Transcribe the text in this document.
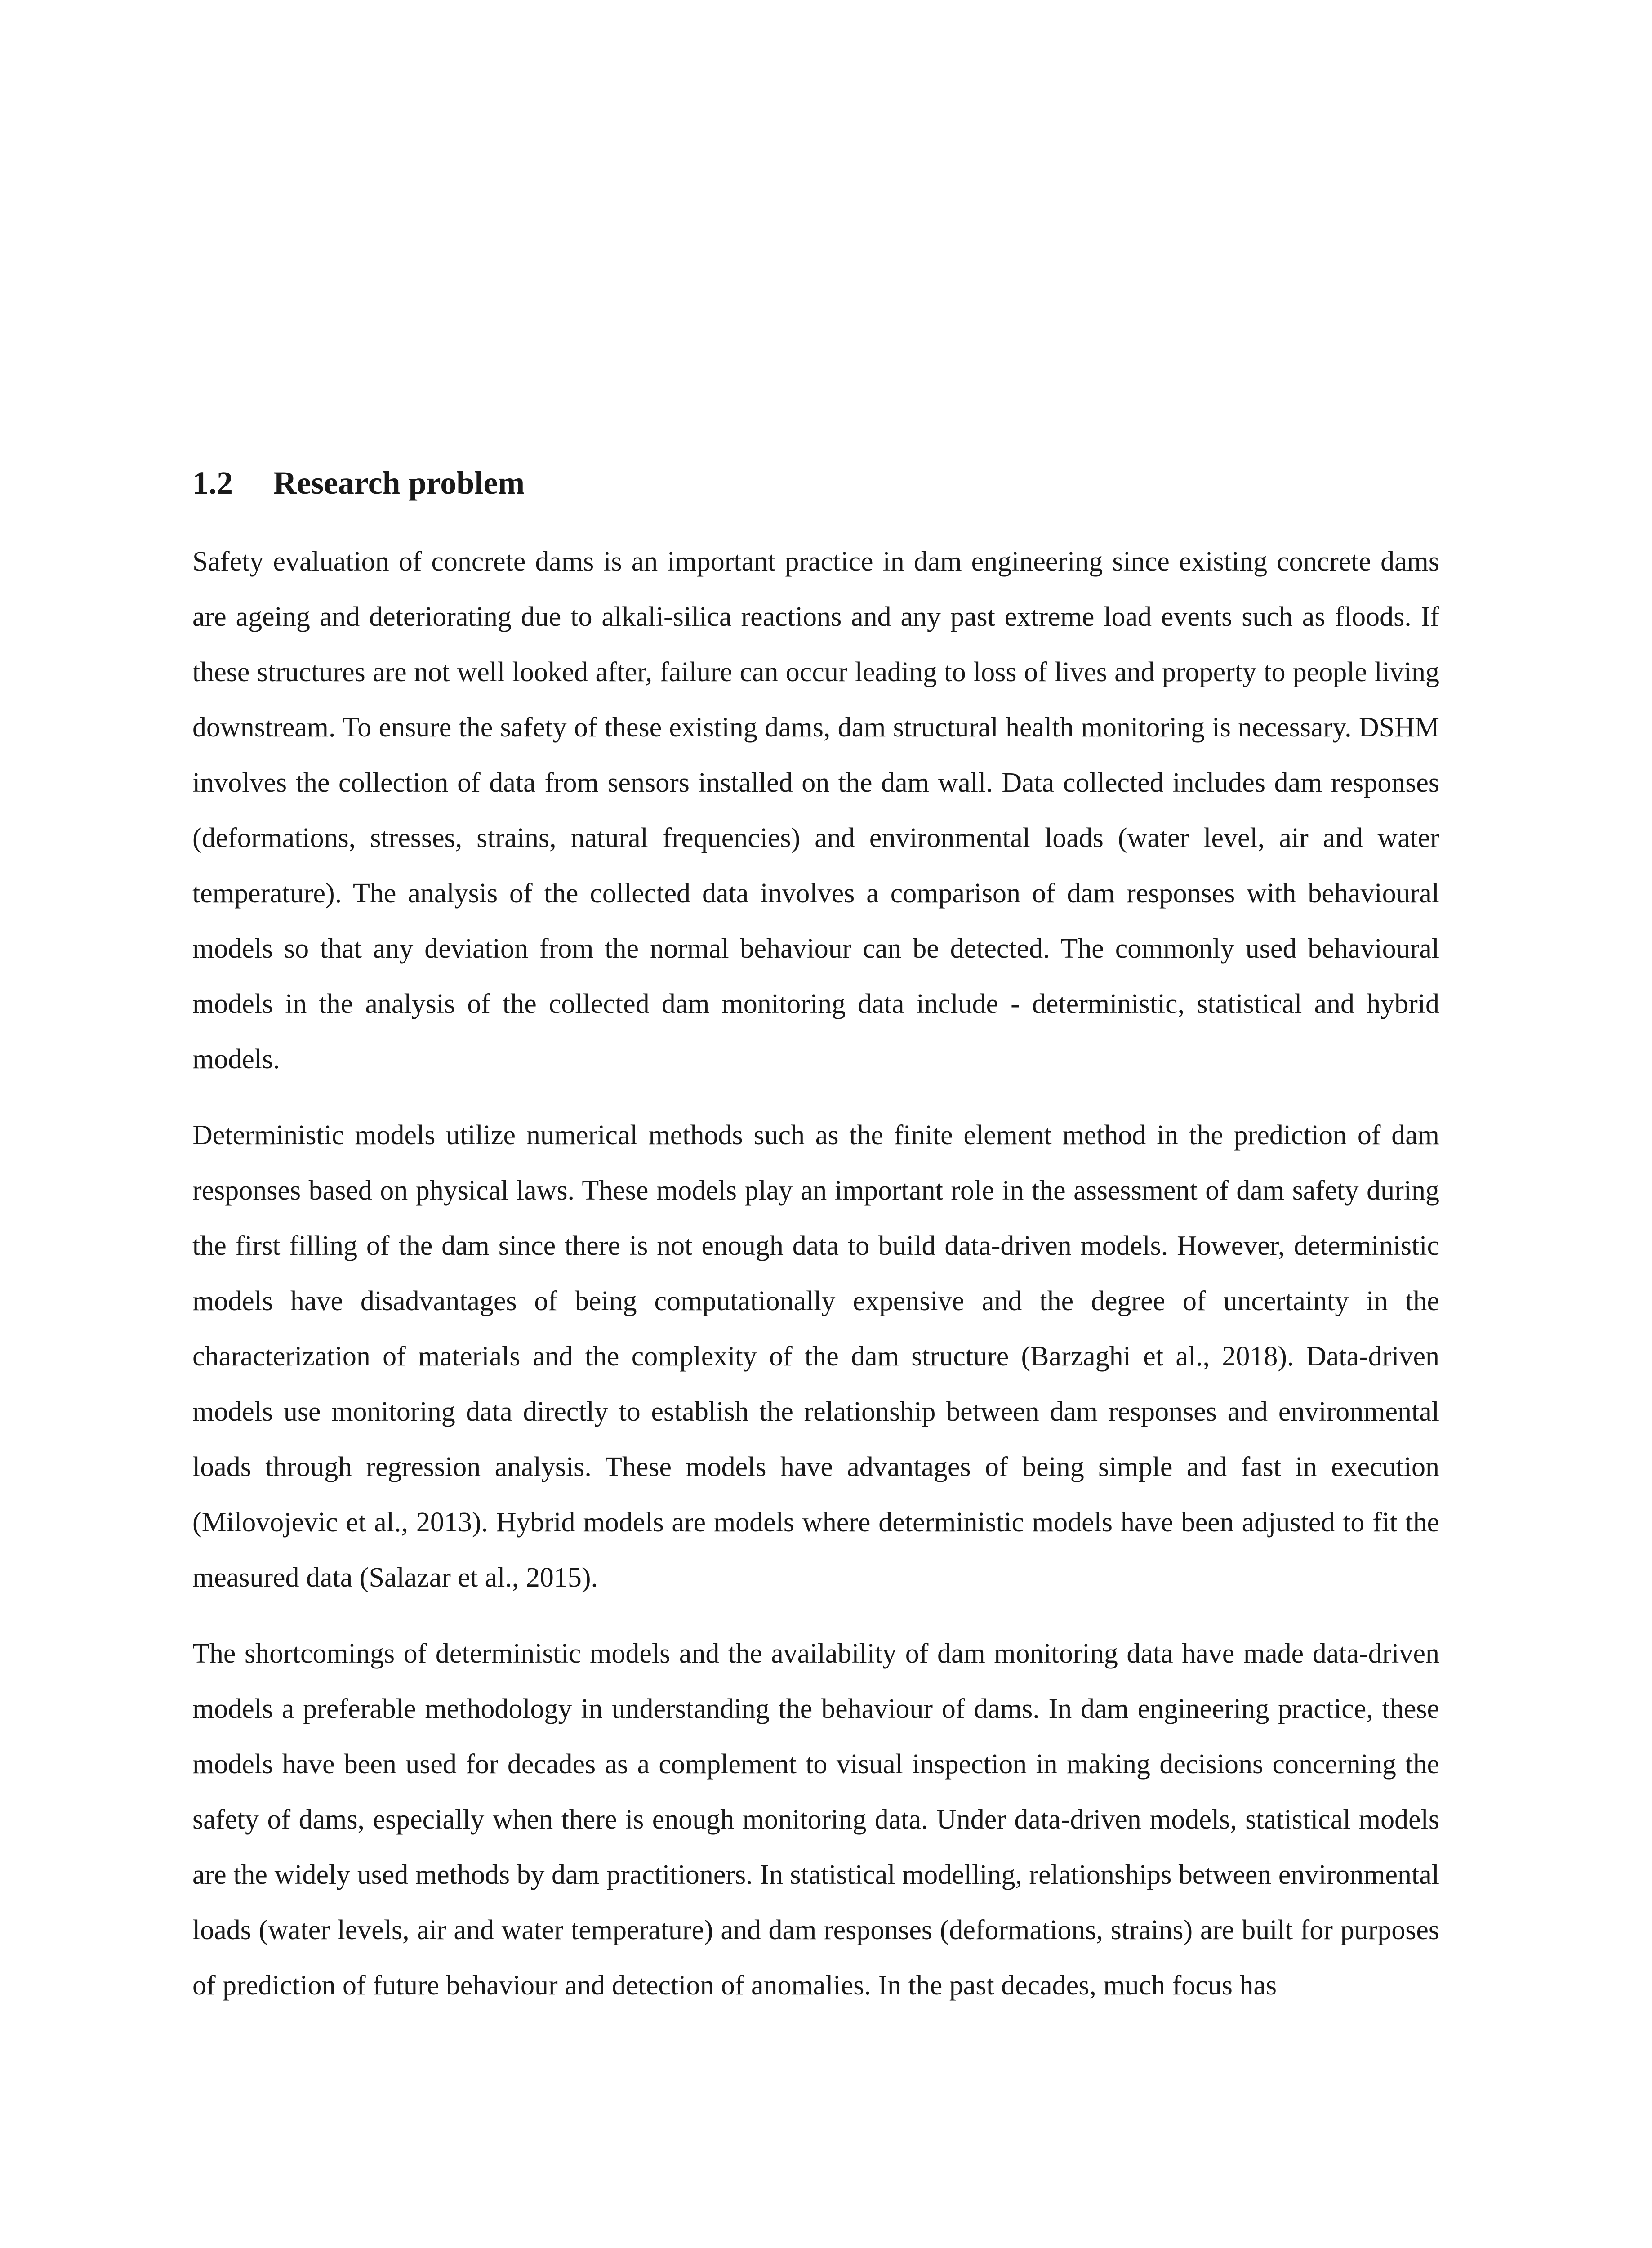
1.2	Research problem

Safety evaluation of concrete dams is an important practice in dam engineering since existing concrete dams are ageing and deteriorating due to alkali-silica reactions and any past extreme load events such as floods. If these structures are not well looked after, failure can occur leading to loss of lives and property to people living downstream. To ensure the safety of these existing dams, dam structural health monitoring is necessary. DSHM involves the collection of data from sensors installed on the dam wall. Data collected includes dam responses (deformations, stresses, strains, natural frequencies) and environmental loads (water level, air and water temperature). The analysis of the collected data involves a comparison of dam responses with behavioural models so that any deviation from the normal behaviour can be detected. The commonly used behavioural models in the analysis of the collected dam monitoring data include - deterministic, statistical and hybrid models.

Deterministic models utilize numerical methods such as the finite element method in the prediction of dam responses based on physical laws. These models play an important role in the assessment of dam safety during the first filling of the dam since there is not enough data to build data-driven models. However, deterministic models have disadvantages of being computationally expensive and the degree of uncertainty in the characterization of materials and the complexity of the dam structure (Barzaghi et al., 2018). Data-driven models use monitoring data directly to establish the relationship between dam responses and environmental loads through regression analysis. These models have advantages of being simple and fast in execution (Milovojevic et al., 2013). Hybrid models are models where deterministic models have been adjusted to fit the measured data (Salazar et al., 2015).

The shortcomings of deterministic models and the availability of dam monitoring data have made data-driven models a preferable methodology in understanding the behaviour of dams. In dam engineering practice, these models have been used for decades as a complement to visual inspection in making decisions concerning the safety of dams, especially when there is enough monitoring data. Under data-driven models, statistical models are the widely used methods by dam practitioners. In statistical modelling, relationships between environmental loads (water levels, air and water temperature) and dam responses (deformations, strains) are built for purposes of prediction of future behaviour and detection of anomalies. In the past decades, much focus has
